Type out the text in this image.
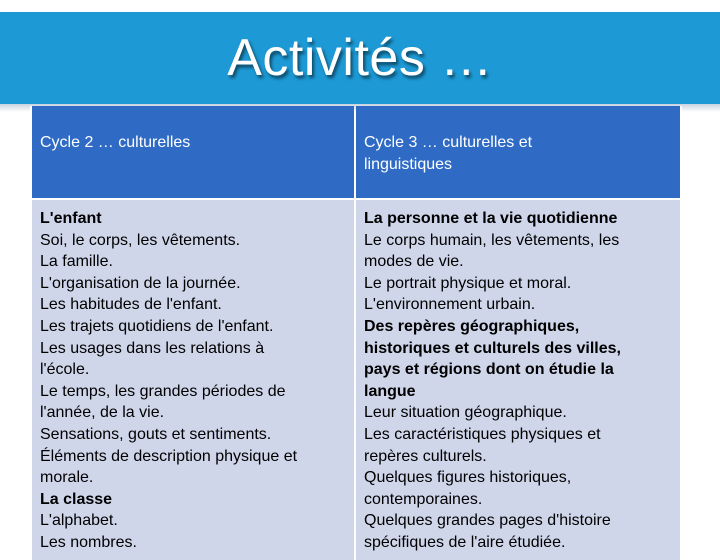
Activités …
Cycle 2 … culturelles	Cycle 3 … culturelles et
linguistiques
L'enfant
Soi, le corps, les vêtements.
La famille.
L'organisation de la journée.
Les habitudes de l'enfant.
Les trajets quotidiens de l'enfant.
Les usages dans les relations à
l'école.
Le temps, les grandes périodes de
l'année, de la vie.
Sensations, gouts et sentiments.
Éléments de description physique et
morale.
La classe
L'alphabet.
Les nombres.
La personne et la vie quotidienne
Le corps humain, les vêtements, les
modes de vie.
Le portrait physique et moral.
L'environnement urbain.
Des repères géographiques,
historiques et culturels des villes,
pays et régions dont on étudie la
langue
Leur situation géographique.
Les caractéristiques physiques et
repères culturels.
Quelques figures historiques,
contemporaines.
Quelques grandes pages d'histoire
spécifiques de l'aire étudiée.
